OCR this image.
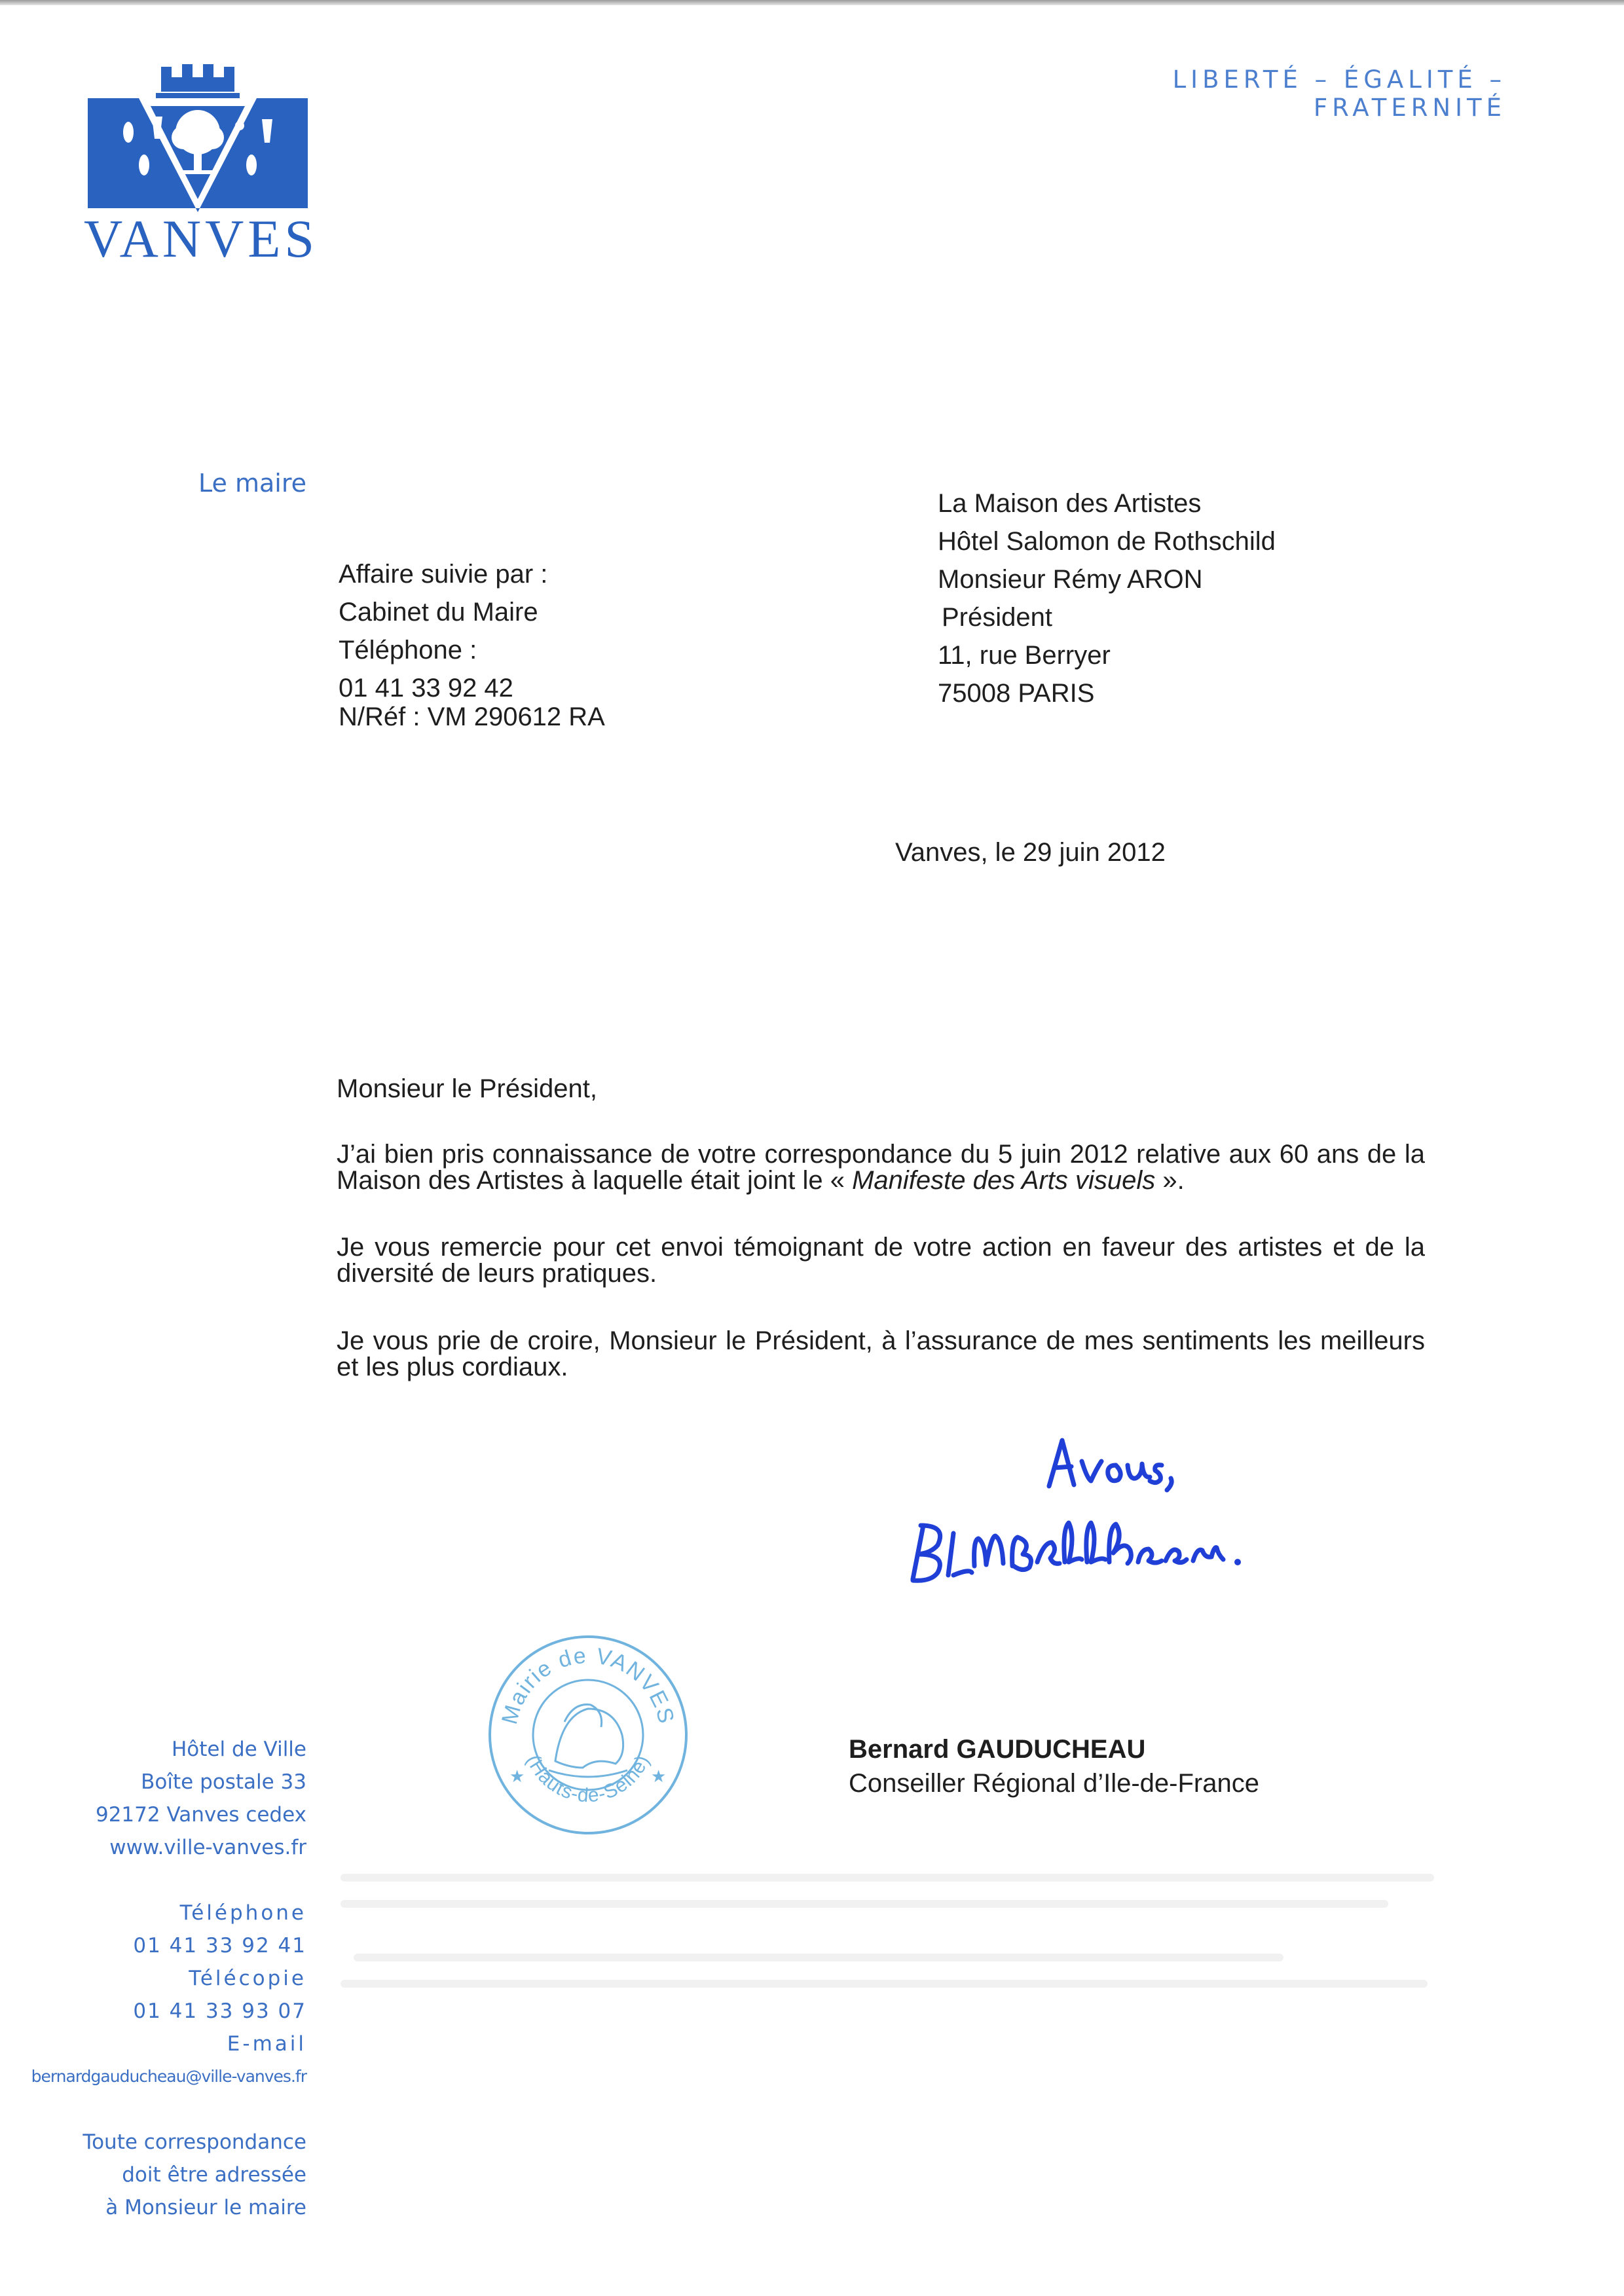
LIBERTÉ – ÉGALITÉ – FRATERNITÉ
VANVES
Le maire
Affaire suivie par :
Cabinet du Maire
Téléphone :
01 41 33 92 42
N/Réf : VM 290612 RA
La Maison des Artistes
Hôtel Salomon de Rothschild
Monsieur Rémy ARON
Président
11, rue Berryer
75008 PARIS
Vanves, le 29 juin 2012
Monsieur le Président,
J’ai bien pris connaissance de votre correspondance du 5 juin 2012 relative aux 60 ans de la Maison des Artistes à laquelle était joint le « Manifeste des Arts visuels ».
Je vous remercie pour cet envoi témoignant de votre action en faveur des artistes et de la diversité de leurs pratiques.
Je vous prie de croire, Monsieur le Président, à l’assurance de mes sentiments les meilleurs et les plus cordiaux.
Mairie de VANVES
(Hauts-de-Seine)
★	★
Bernard GAUDUCHEAU
Conseiller Régional d’Ile-de-France
Hôtel de Ville
Boîte postale 33
92172 Vanves cedex
www.ville-vanves.fr
Téléphone
01 41 33 92 41
Télécopie
01 41 33 93 07
E-mail
bernardgauducheau@ville-vanves.fr
Toute correspondance
doit être adressée
à Monsieur le maire
